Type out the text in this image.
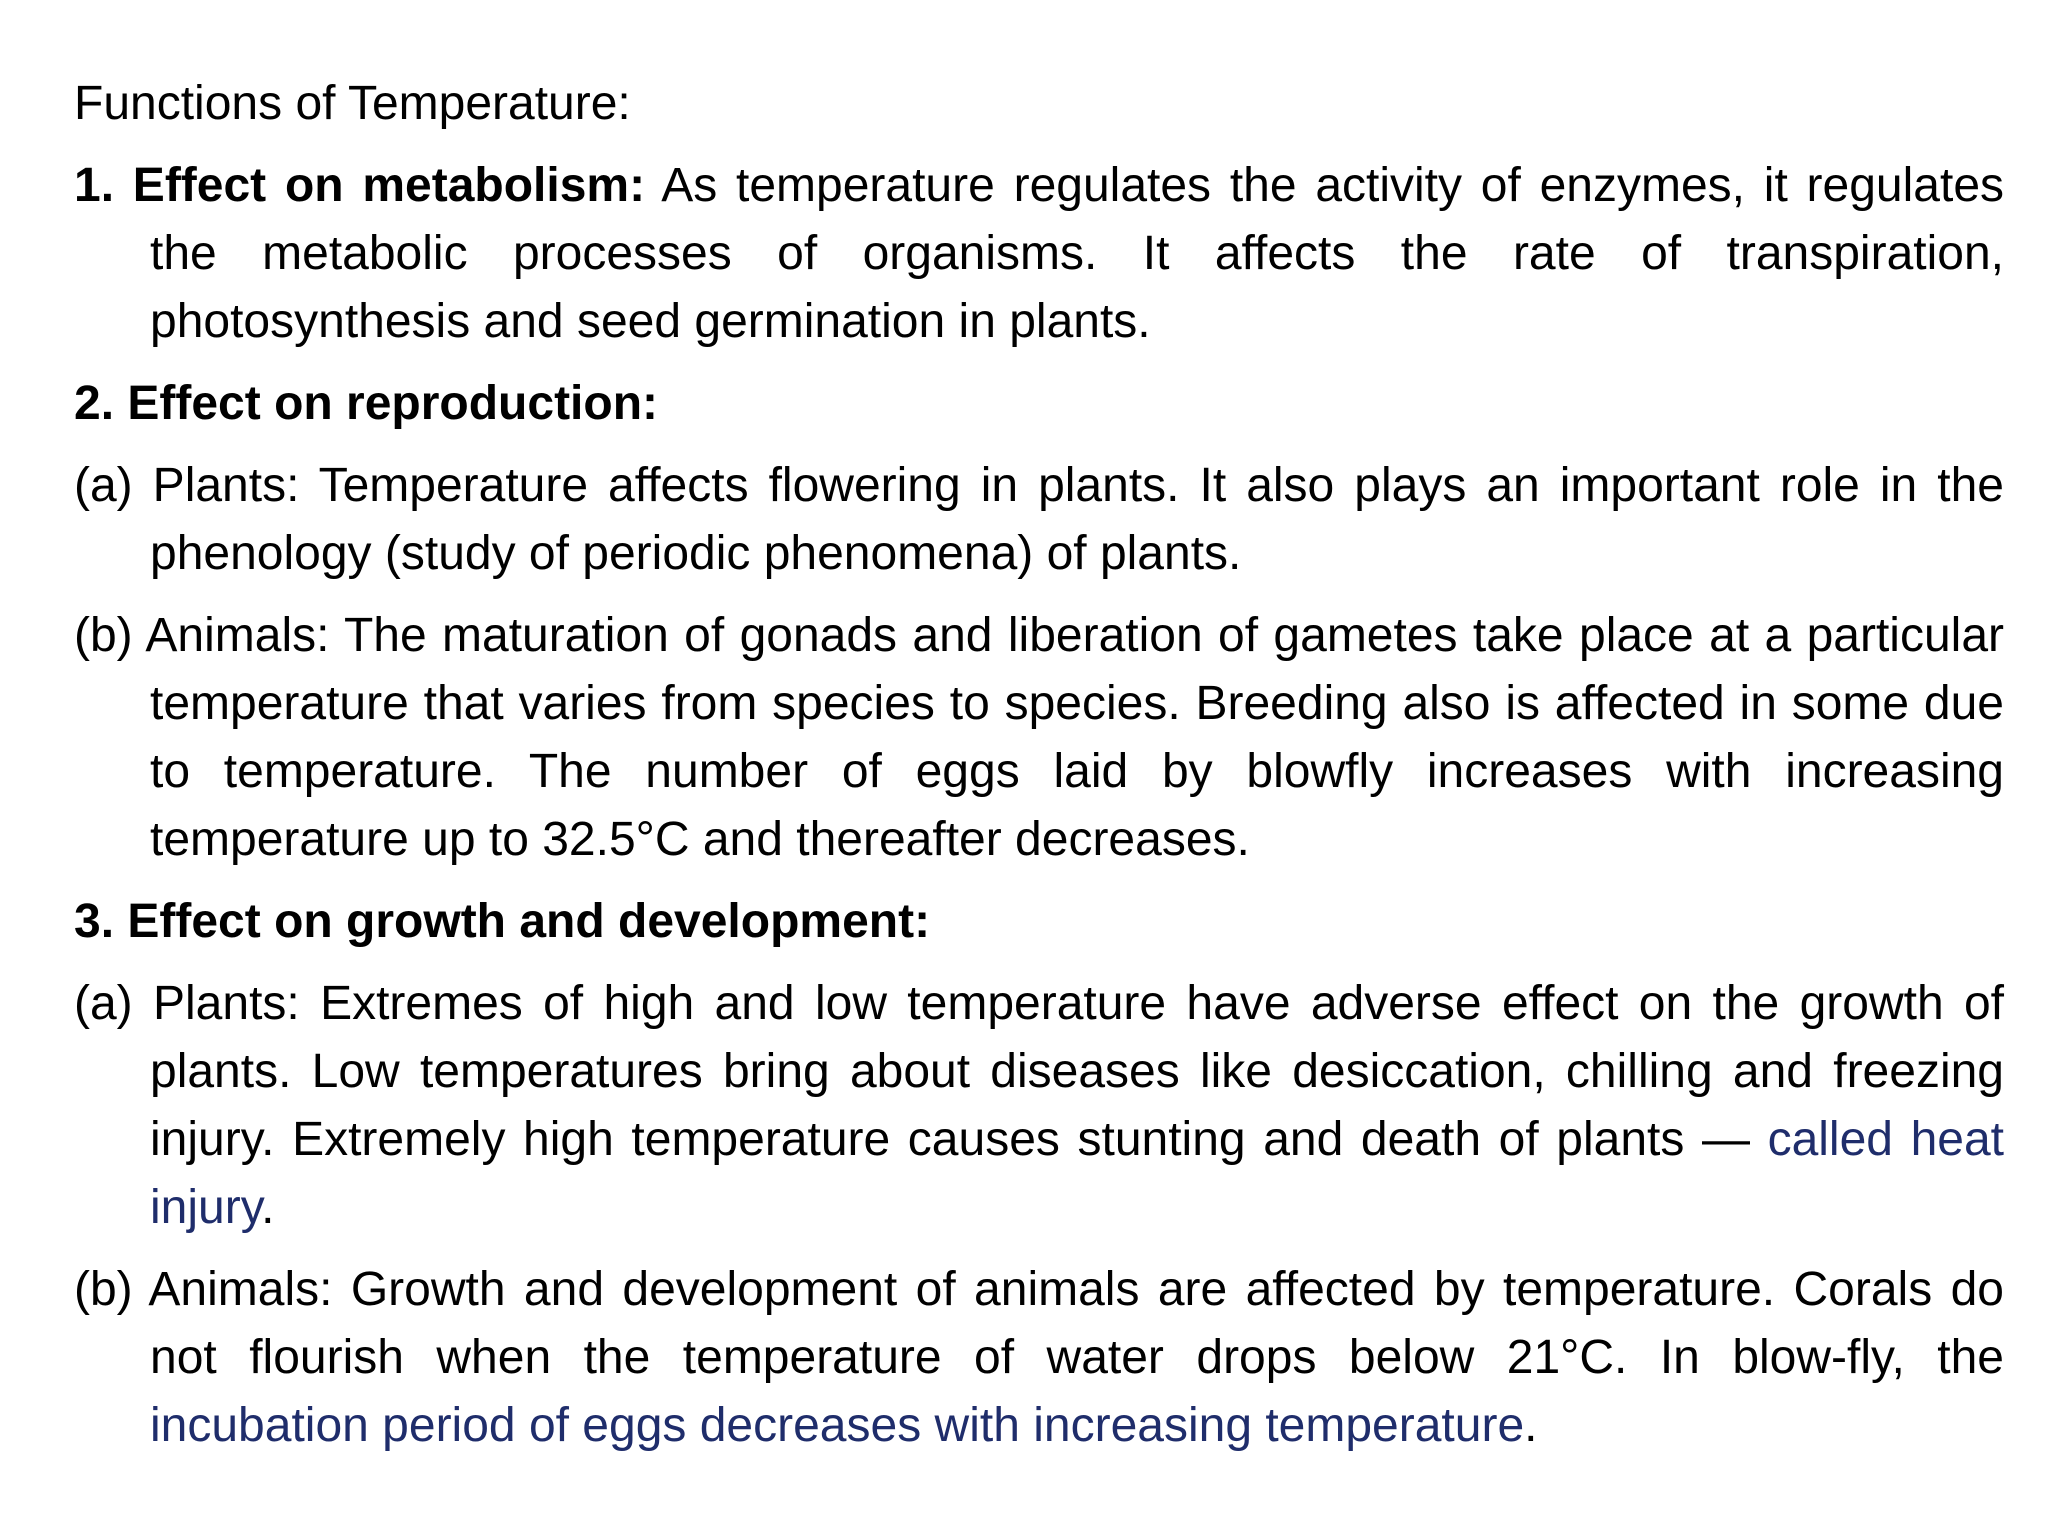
Functions of Temperature:
1. Effect on metabolism: As temperature regulates the activity of enzymes, it regulates the metabolic processes of organisms. It affects the rate of transpiration, photosynthesis and seed germination in plants.
2. Effect on reproduction:
(a) Plants: Temperature affects flowering in plants. It also plays an important role in the phenology (study of periodic phenomena) of plants.
(b) Animals: The maturation of gonads and liberation of gametes take place at a particular temperature that varies from species to species. Breeding also is affected in some due to temperature. The number of eggs laid by blowfly increases with increasing temperature up to 32.5°C and thereafter decreases.
3. Effect on growth and development:
(a) Plants: Extremes of high and low temperature have adverse effect on the growth of plants. Low temperatures bring about diseases like desiccation, chilling and freezing injury. Extremely high temperature causes stunting and death of plants — called heat injury.
(b) Animals: Growth and development of animals are affected by temperature. Corals do not flourish when the temperature of water drops below 21°C. In blow-fly, the incubation period of eggs decreases with increasing temperature.
